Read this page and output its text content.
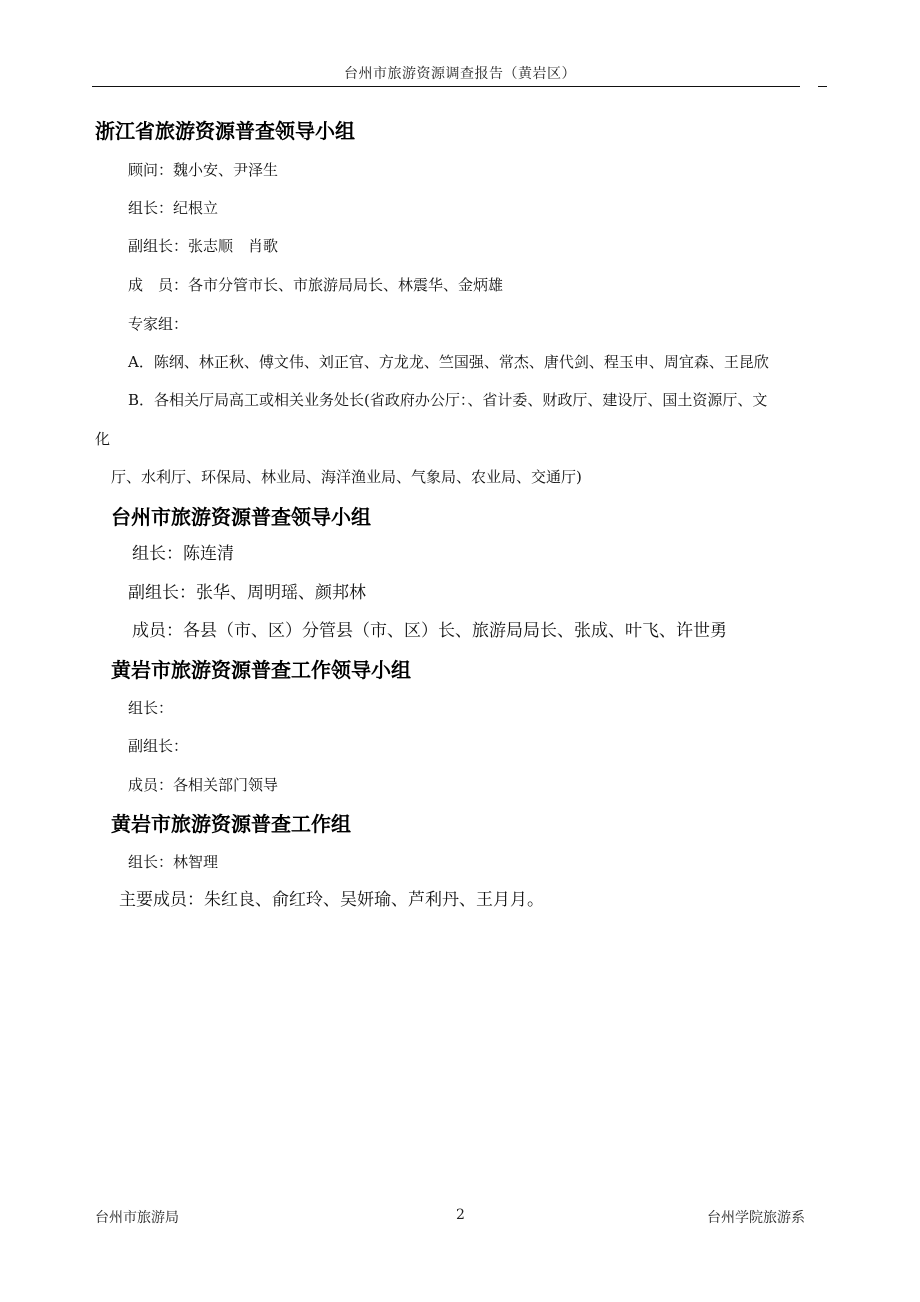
台州市旅游资源调查报告（黄岩区）
浙江省旅游资源普查领导小组
顾问：魏小安、尹泽生
组长：纪根立
副组长：张志顺　肖歌
成　员：各市分管市长、市旅游局局长、林震华、金炳雄
专家组：
A．陈纲、林正秋、傅文伟、刘正官、方龙龙、竺国强、常杰、唐代剑、程玉申、周宜森、王昆欣
B．各相关厅局高工或相关业务处长(省政府办公厅：、省计委、财政厅、建设厅、国土资源厅、文
化
厅、水利厅、环保局、林业局、海洋渔业局、气象局、农业局、交通厅)
台州市旅游资源普查领导小组
组长：陈连清
副组长：张华、周明瑶、颜邦林
成员：各县（市、区）分管县（市、区）长、旅游局局长、张成、叶飞、许世勇
黄岩市旅游资源普查工作领导小组
组长：
副组长：
成员：各相关部门领导
黄岩市旅游资源普查工作组
组长：林智理
主要成员：朱红良、俞红玲、吴妍瑜、芦利丹、王月月。
台州市旅游局	2	台州学院旅游系
